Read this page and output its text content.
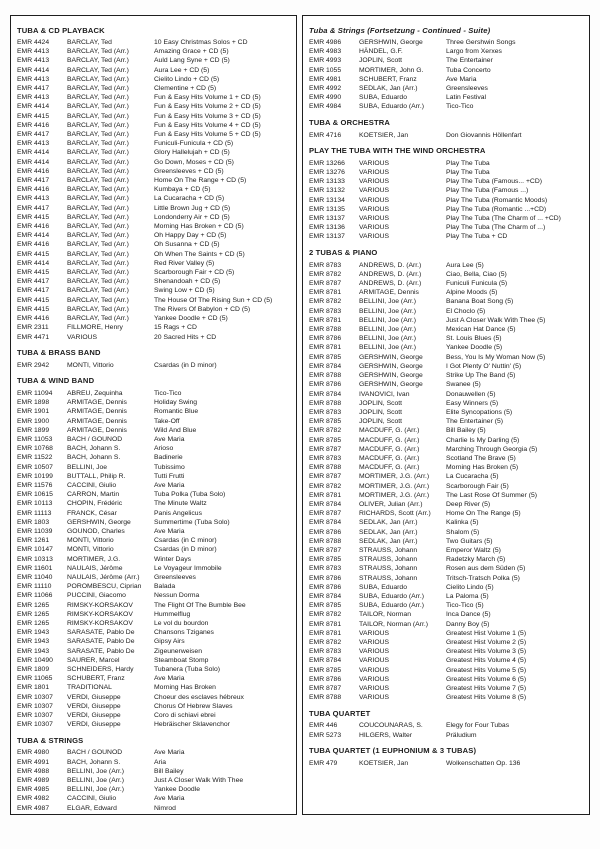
TUBA & CD PLAYBACK
EMR 4424	BARCLAY, Ted	10 Easy Christmas Solos + CD
EMR 4413	BARCLAY, Ted (Arr.)	Amazing Grace + CD (5)
EMR 4413	BARCLAY, Ted (Arr.)	Auld Lang Syne + CD (5)
EMR 4414	BARCLAY, Ted (Arr.)	Aura Lee + CD (5)
EMR 4413	BARCLAY, Ted (Arr.)	Cielito Lindo + CD (5)
EMR 4417	BARCLAY, Ted (Arr.)	Clementine + CD (5)
EMR 4413	BARCLAY, Ted (Arr.)	Fun & Easy Hits Volume 1 + CD (5)
EMR 4414	BARCLAY, Ted (Arr.)	Fun & Easy Hits Volume 2 + CD (5)
EMR 4415	BARCLAY, Ted (Arr.)	Fun & Easy Hits Volume 3 + CD (5)
EMR 4416	BARCLAY, Ted (Arr.)	Fun & Easy Hits Volume 4 + CD (5)
EMR 4417	BARCLAY, Ted (Arr.)	Fun & Easy Hits Volume 5 + CD (5)
EMR 4413	BARCLAY, Ted (Arr.)	Funiculi-Funicula + CD (5)
EMR 4414	BARCLAY, Ted (Arr.)	Glory Hallelujah + CD (5)
EMR 4414	BARCLAY, Ted (Arr.)	Go Down, Moses + CD (5)
EMR 4416	BARCLAY, Ted (Arr.)	Greensleeves + CD (5)
EMR 4417	BARCLAY, Ted (Arr.)	Home On The Range + CD (5)
EMR 4416	BARCLAY, Ted (Arr.)	Kumbaya + CD (5)
EMR 4413	BARCLAY, Ted (Arr.)	La Cucaracha + CD (5)
EMR 4417	BARCLAY, Ted (Arr.)	Little Brown Jug + CD (5)
EMR 4415	BARCLAY, Ted (Arr.)	Londonderry Air + CD (5)
EMR 4416	BARCLAY, Ted (Arr.)	Morning Has Broken + CD (5)
EMR 4414	BARCLAY, Ted (Arr.)	Oh Happy Day + CD (5)
EMR 4416	BARCLAY, Ted (Arr.)	Oh Susanna + CD (5)
EMR 4415	BARCLAY, Ted (Arr.)	Oh When The Saints + CD (5)
EMR 4414	BARCLAY, Ted (Arr.)	Red River Valley (5)
EMR 4415	BARCLAY, Ted (Arr.)	Scarborough Fair + CD (5)
EMR 4417	BARCLAY, Ted (Arr.)	Shenandoah + CD (5)
EMR 4417	BARCLAY, Ted (Arr.)	Swing Low + CD (5)
EMR 4415	BARCLAY, Ted (Arr.)	The House Of The Rising Sun + CD (5)
EMR 4415	BARCLAY, Ted (Arr.)	The Rivers Of Babylon + CD (5)
EMR 4416	BARCLAY, Ted (Arr.)	Yankee Doodle + CD (5)
EMR 2311	FILLMORE, Henry	15 Rags + CD
EMR 4471	VARIOUS	20 Sacred Hits + CD
TUBA & BRASS BAND
EMR 2942	MONTI, Vittorio	Csardas (in D minor)
TUBA & WIND BAND
EMR 11094	ABREU, Zequinha	Tico-Tico
EMR 1898	ARMITAGE, Dennis	Holiday Swing
EMR 1901	ARMITAGE, Dennis	Romantic Blue
EMR 1900	ARMITAGE, Dennis	Take-Off
EMR 1899	ARMITAGE, Dennis	Wild And Blue
EMR 11053	BACH / GOUNOD	Ave Maria
EMR 10768	BACH, Johann S.	Arioso
EMR 11522	BACH, Johann S.	Badinerie
EMR 10507	BELLINI, Joe	Tubissimo
EMR 10199	BUTTALL, Philip R.	Tutti Frutti
EMR 11576	CACCINI, Giulio	Ave Maria
EMR 10615	CARRON, Martin	Tuba Polka (Tuba Solo)
EMR 10113	CHOPIN, Frédéric	The Minute Waltz
EMR 11113	FRANCK, César	Panis Angelicus
EMR 1803	GERSHWIN, George	Summertime (Tuba Solo)
EMR 11039	GOUNOD, Charles	Ave Maria
EMR 1261	MONTI, Vittorio	Csardas (in C minor)
EMR 10147	MONTI, Vittorio	Csardas (in D minor)
EMR 10313	MORTIMER, J.G.	Winter Days
EMR 11601	NAULAIS, Jérôme	Le Voyageur Immobile
EMR 11040	NAULAIS, Jérôme (Arr.)	Greensleeves
EMR 11110	POROMBESCU, Ciprian	Balada
EMR 11066	PUCCINI, Giacomo	Nessun Dorma
EMR 1265	RIMSKY-KORSAKOV	The Flight Of The Bumble Bee
EMR 1265	RIMSKY-KORSAKOV	Hummelflug
EMR 1265	RIMSKY-KORSAKOV	Le vol du bourdon
EMR 1943	SARASATE, Pablo De	Chansons Tziganes
EMR 1943	SARASATE, Pablo De	Gipsy Airs
EMR 1943	SARASATE, Pablo De	Zigeunerweisen
EMR 10490	SAURER, Marcel	Steamboat Stomp
EMR 1809	SCHNEIDERS, Hardy	Tubanera (Tuba Solo)
EMR 11065	SCHUBERT, Franz	Ave Maria
EMR 1801	TRADITIONAL	Morning Has Broken
EMR 10307	VERDI, Giuseppe	Choeur des esclaves hébreux
EMR 10307	VERDI, Giuseppe	Chorus Of Hebrew Slaves
EMR 10307	VERDI, Giuseppe	Coro di schiavi ebrei
EMR 10307	VERDI, Giuseppe	Hebräischer Sklavenchor
TUBA & STRINGS
EMR 4980	BACH / GOUNOD	Ave Maria
EMR 4991	BACH, Johann S.	Aria
EMR 4988	BELLINI, Joe (Arr.)	Bill Bailey
EMR 4989	BELLINI, Joe (Arr.)	Just A Closer Walk With Thee
EMR 4985	BELLINI, Joe (Arr.)	Yankee Doodle
EMR 4982	CACCINI, Giulio	Ave Maria
EMR 4987	ELGAR, Edward	Nimrod
Tuba & Strings (Fortsetzung - Continued - Suite)
EMR 4986	GERSHWIN, George	Three Gershwin Songs
EMR 4983	HÄNDEL, G.F.	Largo from Xerxes
EMR 4993	JOPLIN, Scott	The Entertainer
EMR 1055	MORTIMER, John G.	Tuba Concerto
EMR 4981	SCHUBERT, Franz	Ave Maria
EMR 4992	SEDLAK, Jan (Arr.)	Greensleeves
EMR 4990	SUBA, Eduardo	Latin Festival
EMR 4984	SUBA, Eduardo (Arr.)	Tico-Tico
TUBA & ORCHESTRA
EMR 4716	KOETSIER, Jan	Don Giovannis Höllenfart
PLAY THE TUBA WITH THE WIND ORCHESTRA
EMR 13266	VARIOUS	Play The Tuba
EMR 13276	VARIOUS	Play The Tuba
EMR 13133	VARIOUS	Play The Tuba (Famous... +CD)
EMR 13132	VARIOUS	Play The Tuba (Famous ...)
EMR 13134	VARIOUS	Play The Tuba (Romantic Moods)
EMR 13135	VARIOUS	Play The Tuba (Romantic ...+CD)
EMR 13137	VARIOUS	Play The Tuba (The Charm of ... +CD)
EMR 13136	VARIOUS	Play The Tuba (The Charm of ...)
EMR 13137	VARIOUS	Play The Tuba + CD
2 TUBAS & PIANO
EMR 8783	ANDREWS, D. (Arr.)	Aura Lee (5)
EMR 8782	ANDREWS, D. (Arr.)	Ciao, Bella, Ciao (5)
EMR 8787	ANDREWS, D. (Arr.)	Funiculi Funicula (5)
EMR 8781	ARMITAGE, Dennis	Alpine Moods (5)
EMR 8782	BELLINI, Joe (Arr.)	Banana Boat Song (5)
EMR 8783	BELLINI, Joe (Arr.)	El Choclo (5)
EMR 8781	BELLINI, Joe (Arr.)	Just A Closer Walk With Thee (5)
EMR 8788	BELLINI, Joe (Arr.)	Mexican Hat Dance (5)
EMR 8786	BELLINI, Joe (Arr.)	St. Louis Blues (5)
EMR 8781	BELLINI, Joe (Arr.)	Yankee Doodle (5)
EMR 8785	GERSHWIN, George	Bess, You Is My Woman Now (5)
EMR 8784	GERSHWIN, George	I Got Plenty O' Nuttin' (5)
EMR 8788	GERSHWIN, George	Strike Up The Band (5)
EMR 8786	GERSHWIN, George	Swanee (5)
EMR 8784	IVANOVICI, Ivan	Donauwellen (5)
EMR 8788	JOPLIN, Scott	Easy Winners (5)
EMR 8783	JOPLIN, Scott	Elite Syncopations (5)
EMR 8785	JOPLIN, Scott	The Entertainer (5)
EMR 8782	MACDUFF, G. (Arr.)	Bill Bailey (5)
EMR 8785	MACDUFF, G. (Arr.)	Charlie Is My Darling (5)
EMR 8787	MACDUFF, G. (Arr.)	Marching Through Georgia (5)
EMR 8783	MACDUFF, G. (Arr.)	Scotland The Brave (5)
EMR 8788	MACDUFF, G. (Arr.)	Morning Has Broken (5)
EMR 8787	MORTIMER, J.G. (Arr.)	La Cucaracha (5)
EMR 8782	MORTIMER, J.G. (Arr.)	Scarborough Fair (5)
EMR 8781	MORTIMER, J.G. (Arr.)	The Last Rose Of Summer (5)
EMR 8784	OLIVER, Julian (Arr.)	Deep River (5)
EMR 8787	RICHARDS, Scott (Arr.)	Home On The Range (5)
EMR 8784	SEDLAK, Jan (Arr.)	Kalinka (5)
EMR 8786	SEDLAK, Jan (Arr.)	Shalom (5)
EMR 8788	SEDLAK, Jan (Arr.)	Two Guitars (5)
EMR 8787	STRAUSS, Johann	Emperor Waltz (5)
EMR 8785	STRAUSS, Johann	Radetzky March (5)
EMR 8783	STRAUSS, Johann	Rosen aus dem Süden (5)
EMR 8786	STRAUSS, Johann	Tritsch-Tratsch Polka (5)
EMR 8786	SUBA, Eduardo	Cielito Lindo (5)
EMR 8784	SUBA, Eduardo (Arr.)	La Paloma (5)
EMR 8785	SUBA, Eduardo (Arr.)	Tico-Tico (5)
EMR 8782	TAILOR, Norman	Inca Dance (5)
EMR 8781	TAILOR, Norman (Arr.)	Danny Boy (5)
EMR 8781	VARIOUS	Greatest Hist Volume 1 (5)
EMR 8782	VARIOUS	Greatest Hist Volume 2 (5)
EMR 8783	VARIOUS	Greatest Hits Volume 3 (5)
EMR 8784	VARIOUS	Greatest Hits Volume 4 (5)
EMR 8785	VARIOUS	Greatest Hits Volume 5 (5)
EMR 8786	VARIOUS	Greatest Hits Volume 6 (5)
EMR 8787	VARIOUS	Greatest Hits Volume 7 (5)
EMR 8788	VARIOUS	Greatest Hits Volume 8 (5)
TUBA QUARTET
EMR 446	COUCOUNARAS, S.	Elegy for Four Tubas
EMR 5273	HILGERS, Walter	Präludium
TUBA QUARTET (1 EUPHONIUM & 3 TUBAS)
EMR 479	KOETSIER, Jan	Wolkenschatten Op. 136
